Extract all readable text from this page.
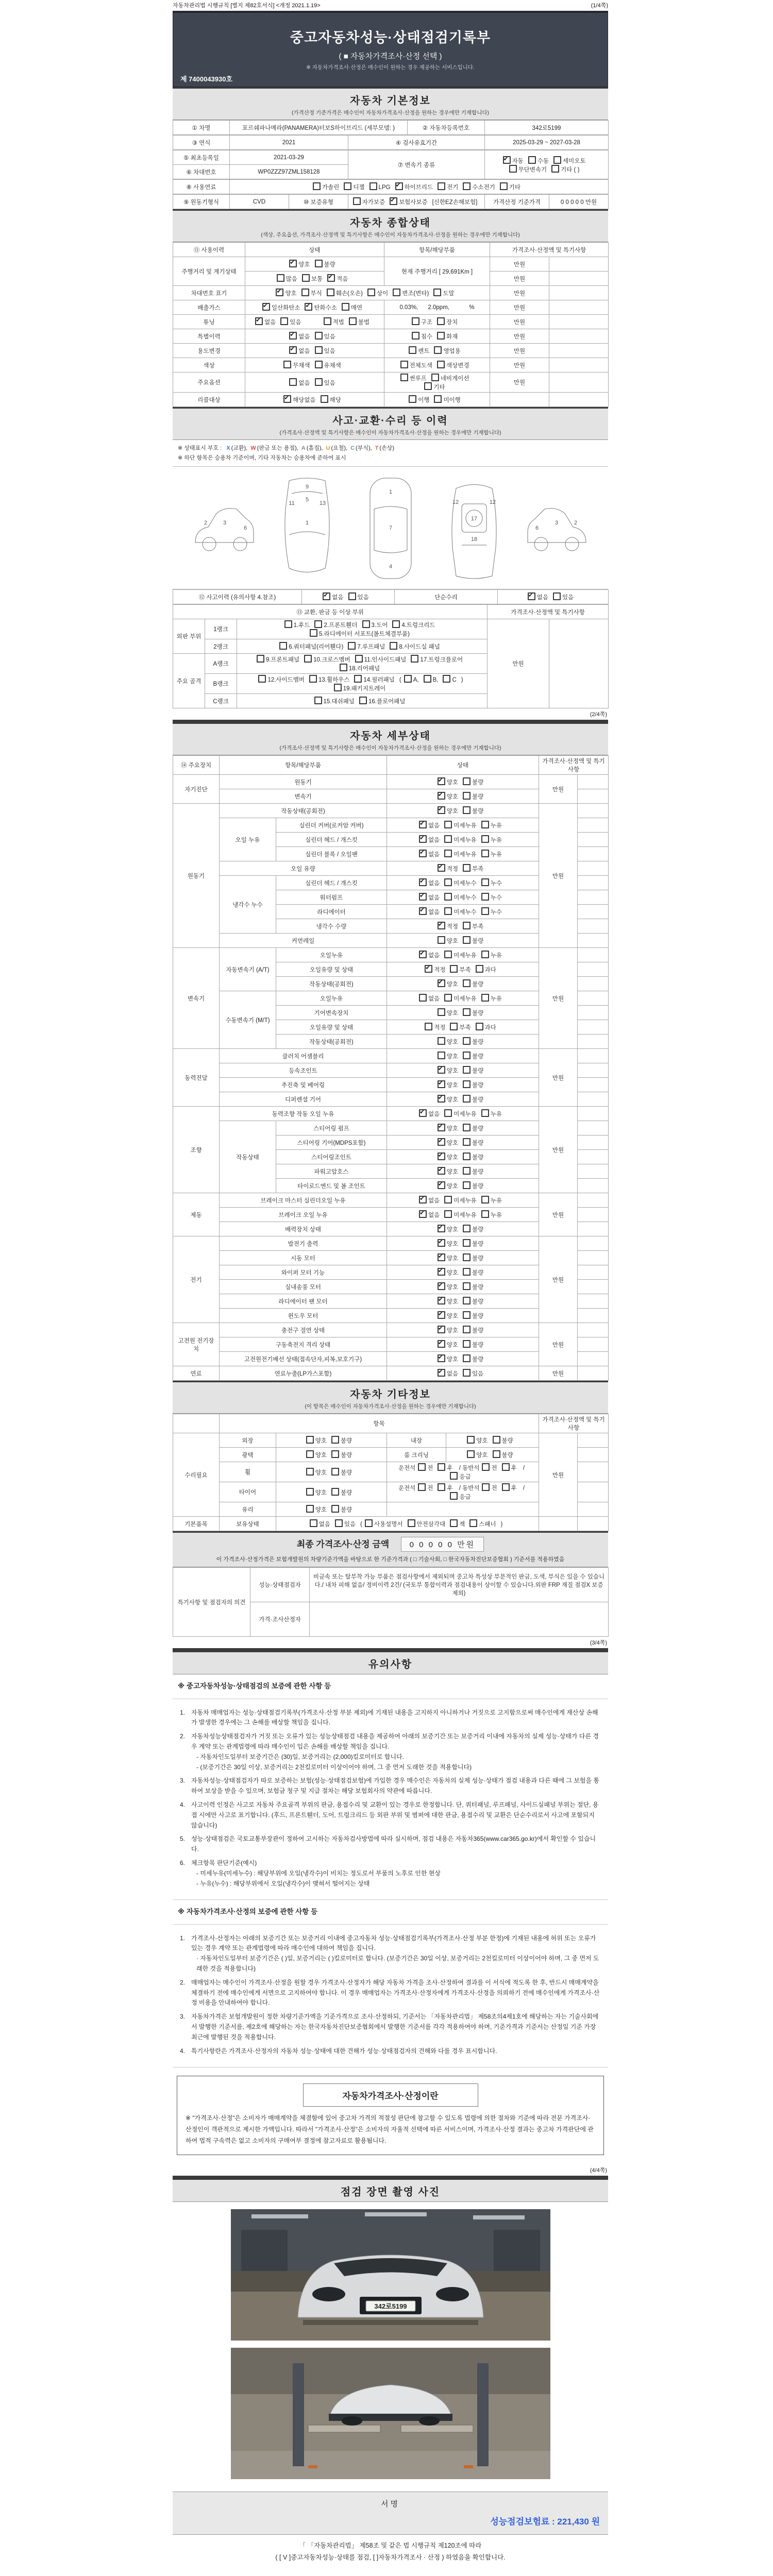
자동차관리법 시행규칙 [별지 제82호서식] <개정 2021.1.19>	(1/4쪽)
중고자동차성능·상태점검기록부
( ■ 자동차가격조사·산정 선택 )
※ 자동차가격조사·산정은 매수인이 원하는 경우 제공하는 서비스입니다.
제 7400043930호
자동차 기본정보
(가격산정 기준가격은 매수인이 자동차가격조사·산정을 원하는 경우에만 기재합니다)
① 차명	포르쉐파나메라(PANAMERA)터보S하이브리드 (세부모델: )	② 자동차등록번호	342로5199
③ 연식	2021	④ 검사유효기간	2025-03-29 ~ 2027-03-28
⑤ 최초등록일	2021-03-29	⑦ 변속기 종류	✔자동 수동 세미오토
무단변속기 기타 ( )
⑥ 차대번호	WP0ZZZ97ZML158128		
⑧ 사용연료	가솔린 디젤 LPG ✔ 하이브리드 전기 수소전기 기타
⑨ 원동기형식	CVD	⑩ 보증유형	자가보증 ✔ 보험사보증 [신한EZ손해보험]	가격산정 기준가격	0 0 0 0 0 만원
자동차 종합상태
(색상, 주요옵션, 가격조사·산정액 및 특기사항은 매수인이 자동차가격조사·산정을 원하는 경우에만 기재합니다)
⑪ 사용이력	상태	항목/해당부품	가격조사·산정액 및 특기사항	
주행거리 및 계기상태	✔양호 불량	현재 주행거리 [ 29,691Km ]	만원	
	많음 보통 ✔ 적음		만원	
차대번호 표기	✔양호 부식 훼손(오손) 상이 변조(변타) 도말		만원	
배출가스	✔일산화탄소 ✔ 탄화수소 매연	0.03%,      2.0ppm,            %	만원	
튜닝	✔없음 있음 적법 불법	구조 장치	만원	
특별이력	✔없음 있음	침수 화재	만원	
용도변경	✔없음 있음	렌트 영업용	만원	
색상	무채색 유채색	전체도색 색상변경	만원	
주요옵션	없음 있음	썬루프 네비게이션기타	만원	
리콜대상	✔해당없음 해당	이행 미이행		
사고·교환·수리 등 이력
(가격조사·산정액 및 특기사항은 매수인이 자동차가격조사·산정을 원하는 경우에만 기재합니다)
※ 상태표시 부호 : X (교환), W (판금 또는 용접), A (흠집), U (요철), C (부식), T (손상)
※ 하단 항목은 승용차 기준이며, 기타 자동차는 승용차에 준하여 표시
2	3
6
9
5
1
11	13
1
7
4
12
17
12
18
6
3	2
⑫ 사고이력 (유의사항 4.참조)	✔없음 있음	단순수리	✔없음 있음
⑬ 교환, 판금 등 이상 부위			가격조사·산정액 및 특기사항	
외판 부위	1랭크	1.후드 2.프론트휀더 3.도어 4.트렁크리드
5.라디에이터 서포트(볼트체결부품)	만원	
	2랭크	6.쿼터패널(리어휀다) 7.루프패널 8.사이드실 패널		
주요 골격	A랭크	9.프론트패널 10.크로스멤버 11.인사이드패널 17.트렁크플로어
18.리어패널		
	B랭크	12.사이드멤버 13.휠하우스 14.필러패널 ( A, B, C )
19.패키지트레이		
	C랭크	15.대쉬패널 16.플로어패널		
(2/4쪽)
자동차 세부상태
(가격조사·산정액 및 특기사항은 매수인이 자동차가격조사·산정을 원하는 경우에만 기재합니다)
⑭ 주요장치	항목/해당부품		상태	가격조사·산정액 및 특기사항	
자기진단	원동기	✔양호 불량	만원	
	변속기	✔양호 불량	
원동기	작동상태(공회전)	✔양호 불량	만원	
	오일 누유	실린더 커버(로커암 커버)	✔없음 미세누유 누유	
		실린더 헤드 / 개스킷	✔없음 미세누유 누유	
		실린더 블록 / 오일팬	✔없음 미세누유 누유	
	오일 유량	✔적정 부족	
	냉각수 누수	실린더 헤드 / 개스킷	✔없음 미세누수 누수	
		워터펌프	✔없음 미세누수 누수	
		라디에이터	✔없음 미세누수 누수	
		냉각수 수량	✔적정 부족	
	커먼레일		양호 불량		
변속기	자동변속기 (A/T)	오일누유	✔없음 미세누유 누유	만원	
		오일유량 및 상태	✔적정 부족 과다	
		작동상태(공회전)	✔양호 불량	
	수동변속기 (M/T)	오일누유	없음 미세누유 누유		
		기어변속장치	양호 불량		
		오일유량 및 상태	적정 부족 과다		
		작동상태(공회전)	양호 불량		
동력전달	클러치 어셈블리		양호 불량	만원	
	등속조인트	✔양호 불량	
	추진축 및 베어링	✔양호 불량	
	디퍼렌셜 기어	✔양호 불량	
조향	동력조향 작동 오일 누유	✔없음 미세누유 누유	만원	
	작동상태	스티어링 펌프	✔양호 불량	
		스티어링 기어(MDPS포함)	✔양호 불량	
		스티어링조인트	✔양호 불량	
		파워고압호스	✔양호 불량	
		타이로드엔드 및 볼 조인트	✔양호 불량	
제동	브레이크 마스터 실린더오일 누유	✔없음 미세누유 누유	만원	
	브레이크 오일 누유	✔없음 미세누유 누유	
	배력장치 상태	✔양호 불량	
전기	발전기 출력	✔양호 불량	만원	
	시동 모터	✔양호 불량	
	와이퍼 모터 기능	✔양호 불량	
	실내송풍 모터	✔양호 불량	
	라디에이터 팬 모터	✔양호 불량	
	윈도우 모터	✔양호 불량	
고전원 전기장치	충전구 절연 상태	✔양호 불량	만원	
	구동축전지 격리 상태	✔양호 불량	
	고전원전기배선 상태(접속단자,피복,보호기구)	✔양호 불량	
연료	연료누출(LP가스포함)	✔없음 있음	만원	
자동차 기타정보
(이 항목은 매수인이 자동차가격조사·산정을 원하는 경우에만 기재합니다)
	항목				가격조사·산정액 및 특기사항	
수리필요	외장	양호 불량	내장	양호 불량	만원	
	광택	양호 불량	룸 크리닝	양호 불량		
	휠	양호 불량	운전석 전 후 / 동반석 전 후 / 응급			
	타이어	양호 불량	운전석 전 후 / 동반석 전 후 / 응급			
	유리	양호 불량				
기본품목	보유상태	없음 있음 ( 사용설명서 안전삼각대 잭 스패너 )				
최종 가격조사·산정 금액	0 0 0 0 0 만원
이 가격조사·산정가격은 보험개발원의 차량기준가액을 바탕으로 한 기준가격과 ( □ 기술사회, □ 한국자동차진단보증협회 ) 기준서를 적용하였음
특기사항 및 점검자의 의견	성능·상태점검자	비금속 또는 탈부착 가능 부품은 점검사항에서 제외되며 중고차 특성상 부분적인 판금, 도색, 부식은 있을 수 있습니다./ 내차 피해 없음/ 정비이력 2건/ (국토부 통합이력과 점검내용이 상이할 수 있습니다.외판 FRP 재질 점검X 보증 제외)
	가격·조사산정자	
(3/4쪽)
유의사항
※ 중고자동차성능·상태점검의 보증에 관한 사항 등
1. 자동차 매매업자는 성능·상태점검기록부(가격조사·산정 부분 제외)에 기재된 내용을 고지하지 아니하거나 거짓으로 고지함으로써 매수인에게 재산상 손해가 발생한 경우에는 그 손해를 배상할 책임을 집니다.
2. 자동차성능상태점검자가 거짓 또는 오류가 있는 성능상태점검 내용을 제공하여 아래의 보증기간 또는 보증거리 이내에 자동차의 실제 성능·상태가 다른 경우 계약 또는 관계법령에 따라 매수인이 입은 손해를 배상할 책임을 집니다.
- 자동차인도일부터 보증기간은 (30)일, 보증거리는 (2,000)킬로미터로 합니다.
- (보증기간은 30일 이상, 보증거리는 2천킬로미터 이상이어야 하며, 그 중 먼저 도래한 것을 적용합니다)
3. 자동차성능·상태점검자가 따로 보증하는 보험(성능·상태점검보험)에 가입한 경우 매수인은 자동차의 실제 성능·상태가 점검 내용과 다른 때에 그 보험을 통하여 보상을 받을 수 있으며, 보험금 청구 및 지급 절차는 해당 보험회사의 약관에 따릅니다.
4. 사고이력 인정은 사고로 자동차 주요골격 부위의 판금, 용접수리 및 교환이 있는 경우로 한정합니다. 단, 쿼터패널, 루프패널, 사이드실패널 부위는 절단, 용접 시에만 사고로 표기합니다. (후드, 프론트휀더, 도어, 트렁크리드 등 외판 부위 및 범퍼에 대한 판금, 용접수리 및 교환은 단순수리로서 사고에 포함되지 않습니다)
5. 성능·상태점검은 국토교통부장관이 정하여 고시하는 자동차검사방법에 따라 실시하며, 점검 내용은 자동차365(www.car365.go.kr)에서 확인할 수 있습니다.
6. 체크항목 판단기준(예시)
- 미세누유(미세누수) : 해당부위에 오일(냉각수)이 비치는 정도로서 부품의 노후로 인한 현상
- 누유(누수) : 해당부위에서 오일(냉각수)이 맺혀서 떨어지는 상태
※ 자동차가격조사·산정의 보증에 관한 사항 등
1. 가격조사·산정자는 아래의 보증기간 또는 보증거리 이내에 중고자동차 성능·상태점검기록부(가격조사·산정 부분 한정)에 기재된 내용에 허위 또는 오류가 있는 경우 계약 또는 관계법령에 따라 매수인에 대하여 책임을 집니다.
· 자동차인도일부터 보증기간은 ( )일, 보증거리는 ( )킬로미터로 합니다. (보증기간은 30일 이상, 보증거리는 2천킬로미터 이상이어야 하며, 그 중 먼저 도래한 것을 적용합니다)
2. 매매업자는 매수인이 가격조사·산정을 원할 경우 가격조사·산정자가 해당 자동차 가격을 조사·산정하여 결과를 이 서식에 적도록 한 후, 반드시 매매계약을 체결하기 전에 매수인에게 서면으로 고지하여야 합니다. 이 경우 매매업자는 가격조사·산정자에게 가격조사·산정을 의뢰하기 전에 매수인에게 가격조사·산정 비용을 안내하여야 합니다.
3. 자동차가격은 보험개발원이 정한 차량기준가액을 기준가격으로 조사·산정하되, 기준서는 「자동차관리법」 제58조의4제1호에 해당하는 자는 기술사회에서 발행한 기준서를, 제2호에 해당하는 자는 한국자동차진단보증협회에서 발행한 기준서를 각각 적용하여야 하며, 기준가격과 기준서는 산정일 기준 가장 최근에 발행된 것을 적용합니다.
4. 특기사항란은 가격조사·산정자의 자동차 성능·상태에 대한 견해가 성능·상태점검자의 견해와 다를 경우 표시합니다.
자동차가격조사·산정이란
※ "가격조사·산정"은 소비자가 매매계약을 체결함에 있어 중고차 가격의 적절성 판단에 참고할 수 있도록 법령에 의한 절차와 기준에 따라 전문 가격조사·산정인이 객관적으로 제시한 가액입니다. 따라서 "가격조사·산정"은 소비자의 자율적 선택에 따른 서비스이며, 가격조사·산정 결과는 중고차 가격판단에 관하여 법적 구속력은 없고 소비자의 구매여부 결정에 참고자료로 활용됩니다.
(4/4쪽)
점검 장면 촬영 사진
342로5199
서명
성능점검보험료 : 221,430 원
「 「자동차관리법」 제58조 및 같은 법 시행규칙 제120조에 따라
( [ V ]중고자동차성능·상태를 점검, [ ]자동차가격조사 · 산정 ) 하였음을 확인합니다.
